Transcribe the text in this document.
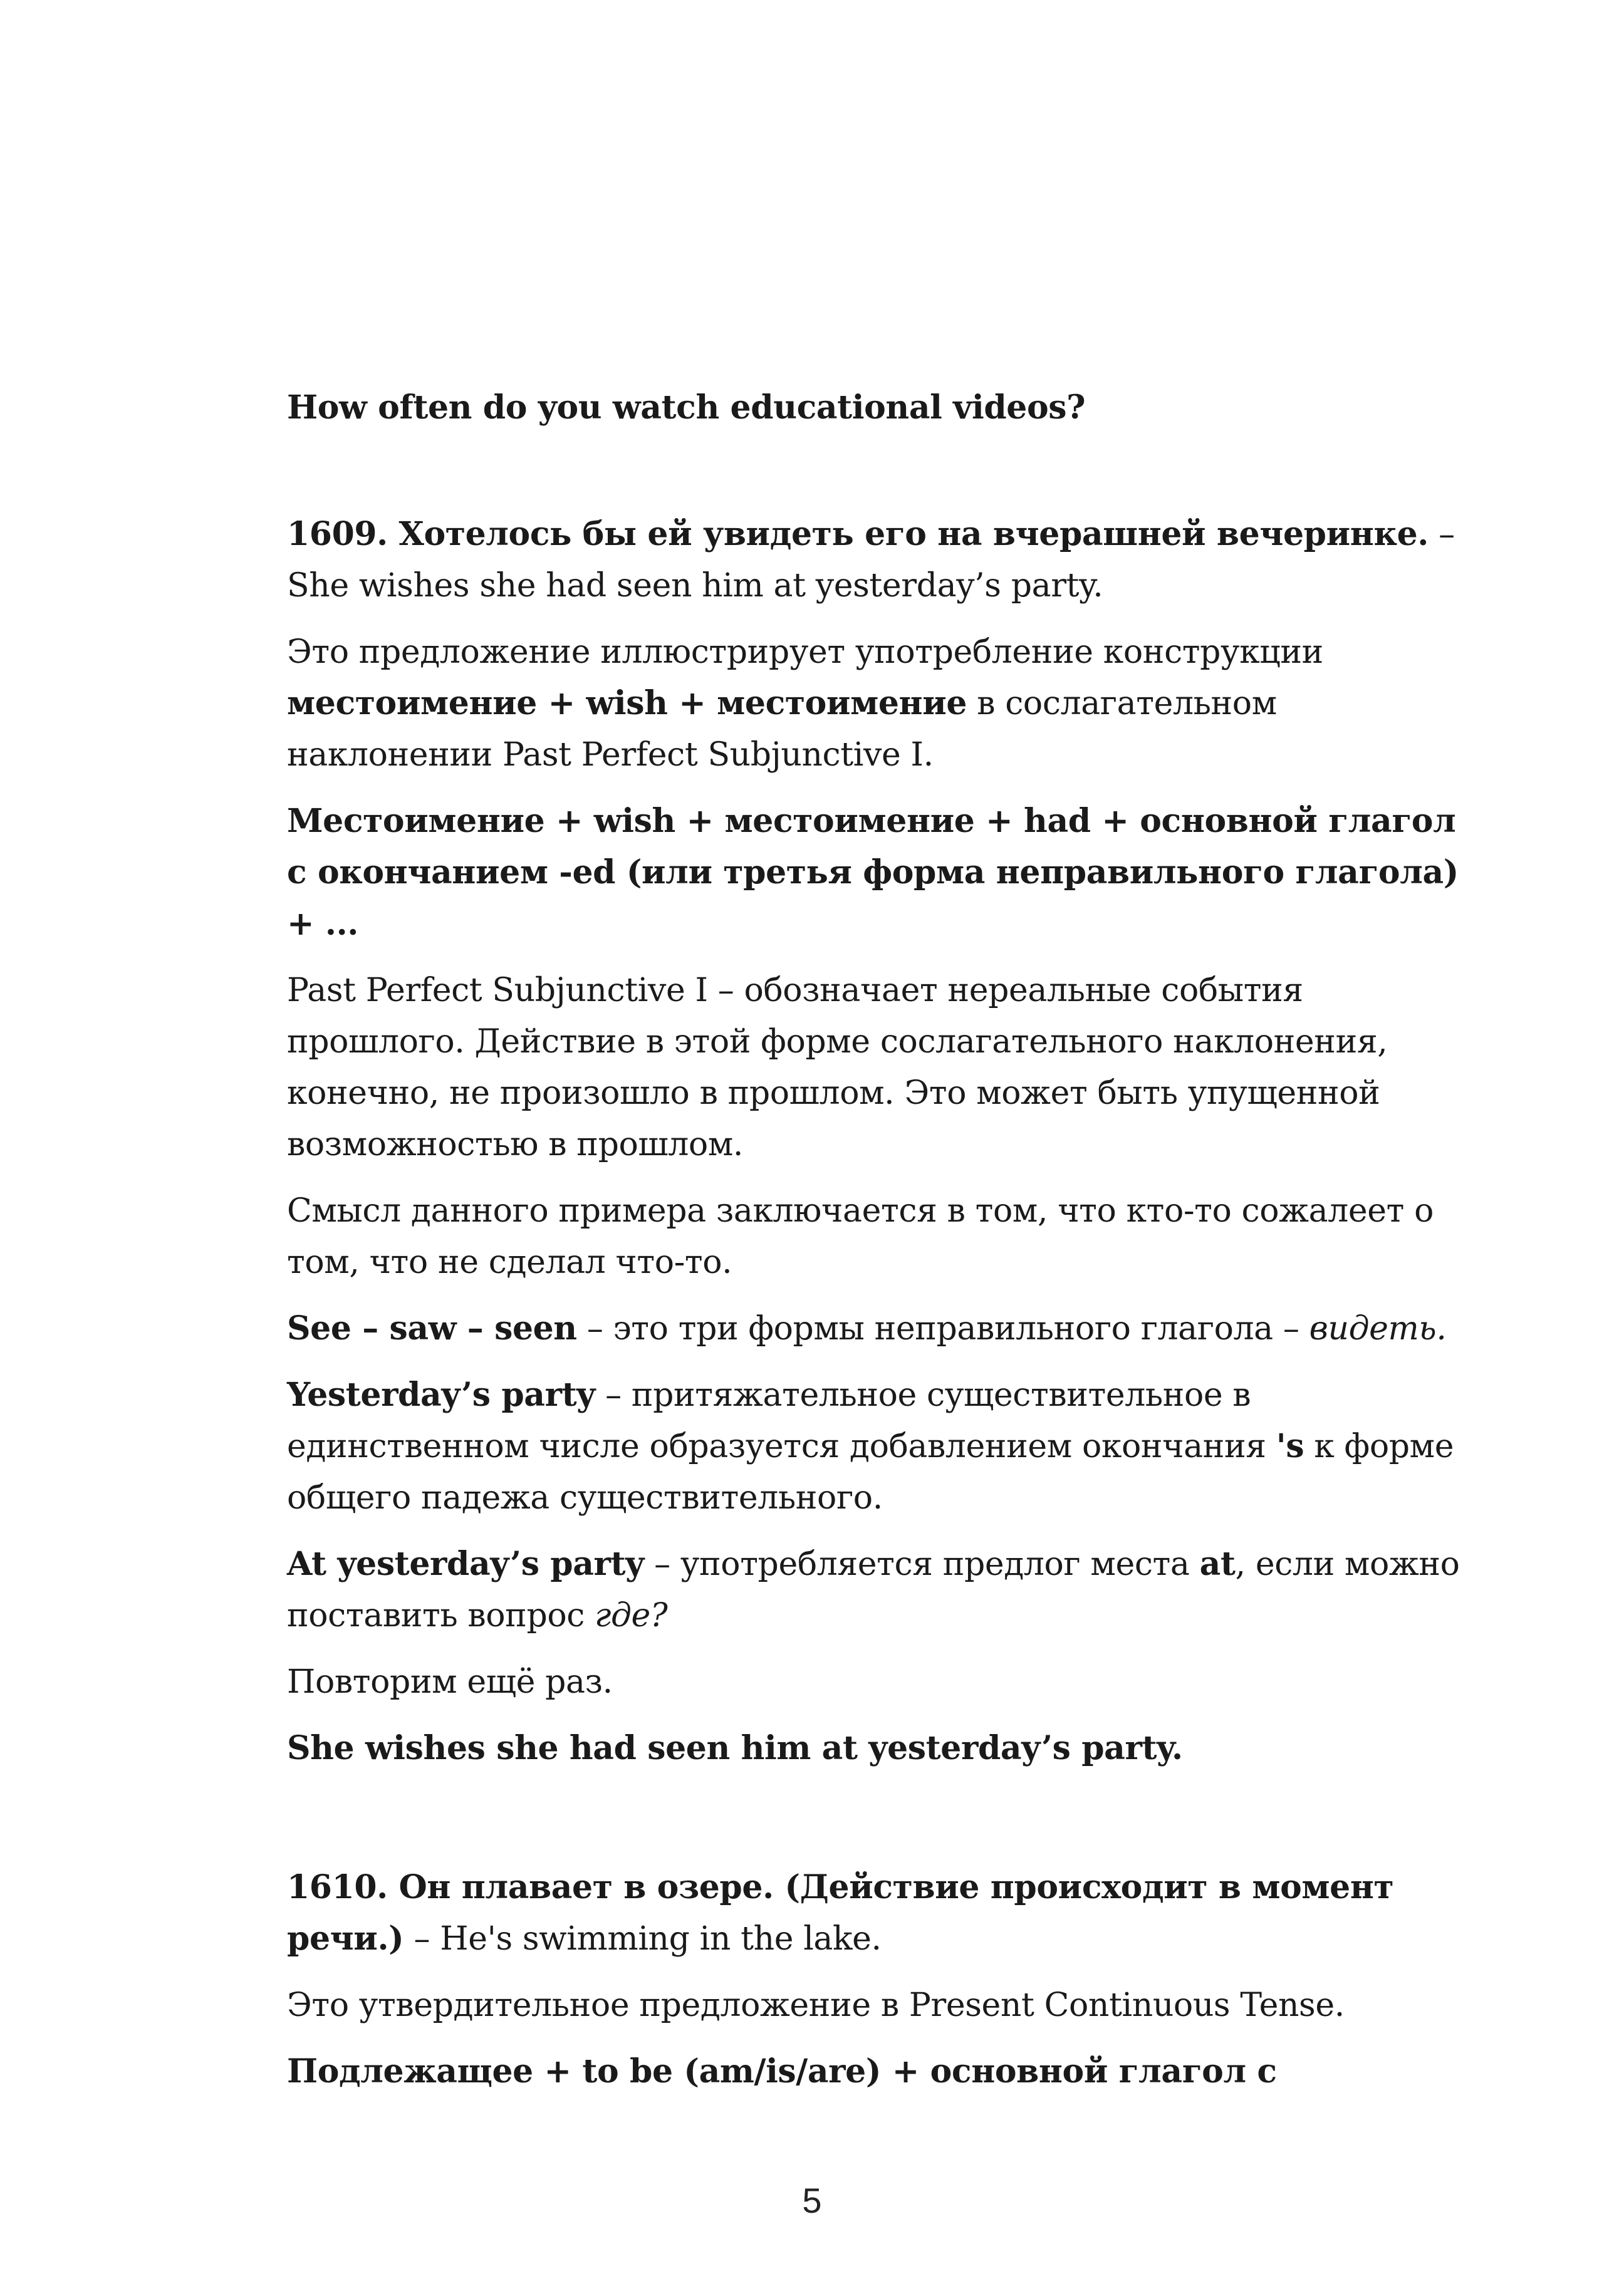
How often do you watch educational videos?

1609. Хотелось бы ей увидеть его на вчерашней вечеринке. – She wishes she had seen him at yesterday’s party.

Это предложение иллюстрирует употребление конструкции местоимение + wish + местоимение в сослагательном наклонении Past Perfect Subjunctive I.

Местоимение + wish + местоимение + had + основной глагол с окончанием -ed (или третья форма неправильного глагола) + ...

Past Perfect Subjunctive I – обозначает нереальные события прошлого. Действие в этой форме сослагательного наклонения, конечно, не произошло в прошлом. Это может быть упущенной возможностью в прошлом.

Смысл данного примера заключается в том, что кто-то сожалеет о том, что не сделал что-то.

See – saw – seen – это три формы неправильного глагола – видеть.

Yesterday’s party – притяжательное существительное в единственном числе образуется добавлением окончания 's к форме общего падежа существительного.

At yesterday’s party – употребляется предлог места at, если можно поставить вопрос где?

Повторим ещё раз.

She wishes she had seen him at yesterday’s party.

1610. Он плавает в озере. (Действие происходит в момент речи.) – He's swimming in the lake.

Это утвердительное предложение в Present Continuous Tense.

Подлежащее + to be (am/is/are) + основной глагол с

5
